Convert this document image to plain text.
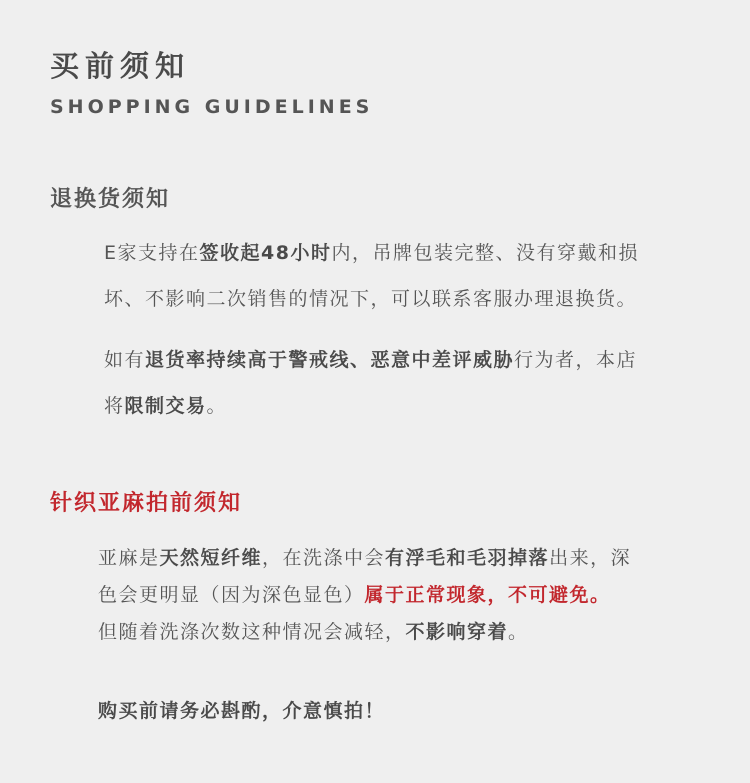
买前须知
SHOPPING GUIDELINES
退换货须知
E家支持在签收起48小时内，吊牌包装完整、没有穿戴和损
坏、不影响二次销售的情况下，可以联系客服办理退换货。
如有退货率持续高于警戒线、恶意中差评威胁行为者，本店
将限制交易。
针织亚麻拍前须知
亚麻是天然短纤维，在洗涤中会有浮毛和毛羽掉落出来，深
色会更明显（因为深色显色）属于正常现象，不可避免。
但随着洗涤次数这种情况会减轻，不影响穿着。
购买前请务必斟酌，介意慎拍！
